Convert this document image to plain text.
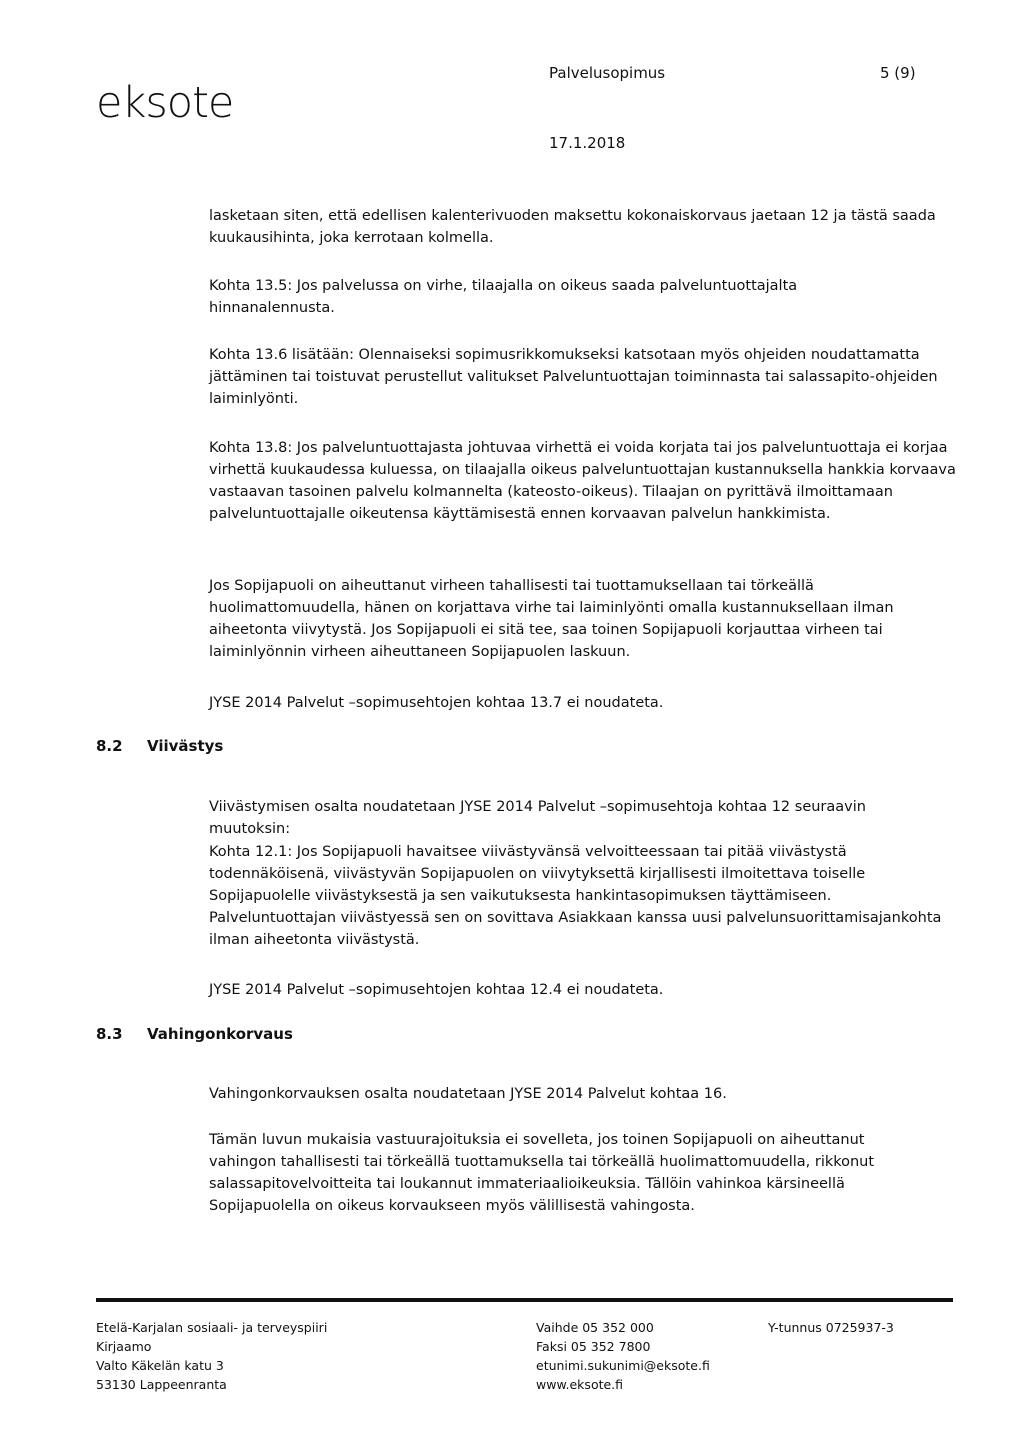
eksote
Palvelusopimus	5 (9)
17.1.2018

lasketaan siten, että edellisen kalenterivuoden maksettu kokonaiskorvaus jaetaan 12 ja tästä saada kuukausihinta, joka kerrotaan kolmella.

Kohta 13.5: Jos palvelussa on virhe, tilaajalla on oikeus saada palveluntuottajalta hinnanalennusta.

Kohta 13.6 lisätään: Olennaiseksi sopimusrikkomukseksi katsotaan myös ohjeiden noudattamatta jättäminen tai toistuvat perustellut valitukset Palveluntuottajan toiminnasta tai salassapito-ohjeiden laiminlyönti.

Kohta 13.8: Jos palveluntuottajasta johtuvaa virhettä ei voida korjata tai jos palveluntuottaja ei korjaa virhettä kuukaudessa kuluessa, on tilaajalla oikeus palveluntuottajan kustannuksella hankkia korvaava vastaavan tasoinen palvelu kolmannelta (kateosto-oikeus). Tilaajan on pyrittävä ilmoittamaan palveluntuottajalle oikeutensa käyttämisestä ennen korvaavan palvelun hankkimista.

Jos Sopijapuoli on aiheuttanut virheen tahallisesti tai tuottamuksellaan tai törkeällä huolimattomuudella, hänen on korjattava virhe tai laiminlyönti omalla kustannuksellaan ilman aiheetonta viivytystä. Jos Sopijapuoli ei sitä tee, saa toinen Sopijapuoli korjauttaa virheen tai laiminlyönnin virheen aiheuttaneen Sopijapuolen laskuun.

JYSE 2014 Palvelut –sopimusehtojen kohtaa 13.7 ei noudateta.

8.2 Viivästys

Viivästymisen osalta noudatetaan JYSE 2014 Palvelut –sopimusehtoja kohtaa 12 seuraavin muutoksin:

Kohta 12.1: Jos Sopijapuoli havaitsee viivästyvänsä velvoitteessaan tai pitää viivästystä todennäköisenä, viivästyvän Sopijapuolen on viivytyksettä kirjallisesti ilmoitettava toiselle Sopijapuolelle viivästyksestä ja sen vaikutuksesta hankintasopimuksen täyttämiseen. Palveluntuottajan viivästyessä sen on sovittava Asiakkaan kanssa uusi palvelunsuorittamisajankohta ilman aiheetonta viivästystä.

JYSE 2014 Palvelut –sopimusehtojen kohtaa 12.4 ei noudateta.

8.3 Vahingonkorvaus

Vahingonkorvauksen osalta noudatetaan JYSE 2014 Palvelut kohtaa 16.

Tämän luvun mukaisia vastuurajoituksia ei sovelleta, jos toinen Sopijapuoli on aiheuttanut vahingon tahallisesti tai törkeällä tuottamuksella tai törkeällä huolimattomuudella, rikkonut salassapitovelvoitteita tai loukannut immateriaalioikeuksia. Tällöin vahinkoa kärsineellä Sopijapuolella on oikeus korvaukseen myös välillisestä vahingosta.

Etelä-Karjalan sosiaali- ja terveyspiiri
Kirjaamo
Valto Käkelän katu 3
53130 Lappeenranta
Vaihde 05 352 000
Faksi 05 352 7800
etunimi.sukunimi@eksote.fi
www.eksote.fi
Y-tunnus 0725937-3
